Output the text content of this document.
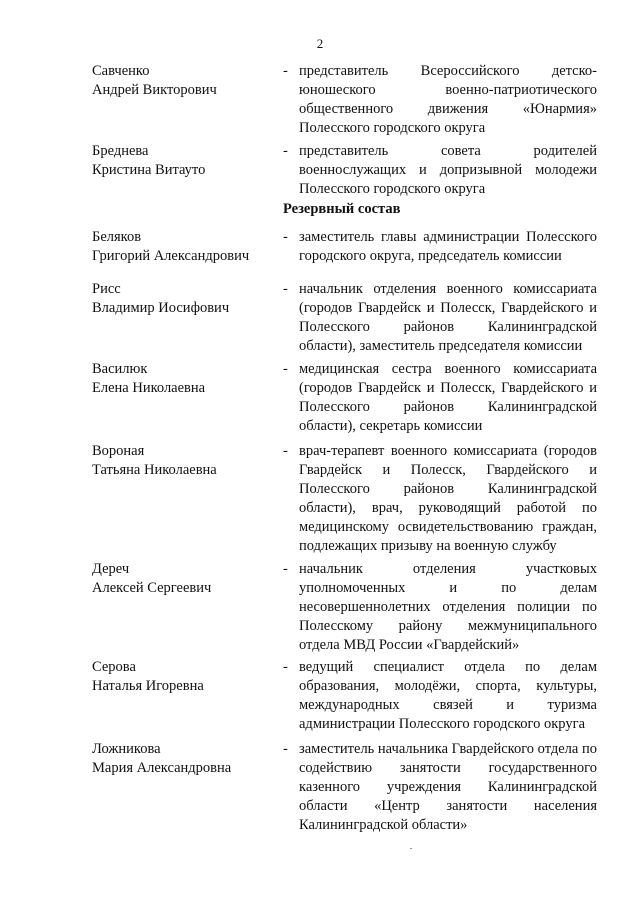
2
Савченко
Андрей Викторович
- представитель Всероссийского детско-юношеского военно-патриотического общественного движения «Юнармия» Полесского городского округа

Бреднева
Кристина Витауто
- представитель совета родителей военнослужащих и допризывной молодежи Полесского городского округа

Резервный состав
Беляков
Григорий Александрович
- заместитель главы администрации Полесского городского округа, председатель комиссии

Рисс
Владимир Иосифович
- начальник отделения военного комиссариата (городов Гвардейск и Полесск, Гвардейского и Полесского районов Калининградской области), заместитель председателя комиссии

Василюк
Елена Николаевна
- медицинская сестра военного комиссариата (городов Гвардейск и Полесск, Гвардейского и Полесского районов Калининградской области), секретарь комиссии

Вороная
Татьяна Николаевна
- врач-терапевт военного комиссариата (городов Гвардейск и Полесск, Гвардейского и Полесского районов Калининградской области), врач, руководящий работой по медицинскому освидетельствованию граждан, подлежащих призыву на военную службу

Дереч
Алексей Сергеевич
- начальник отделения участковых уполномоченных и по делам несовершеннолетних отделения полиции по Полесскому району межмуниципального отдела МВД России «Гвардейский»

Серова
Наталья Игоревна
- ведущий специалист отдела по делам образования, молодёжи, спорта, культуры, международных связей и туризма администрации Полесского городского округа

Ложникова
Мария Александровна
- заместитель начальника Гвардейского отдела по содействию занятости государственного казенного учреждения Калининградской области «Центр занятости населения Калининградской области»
